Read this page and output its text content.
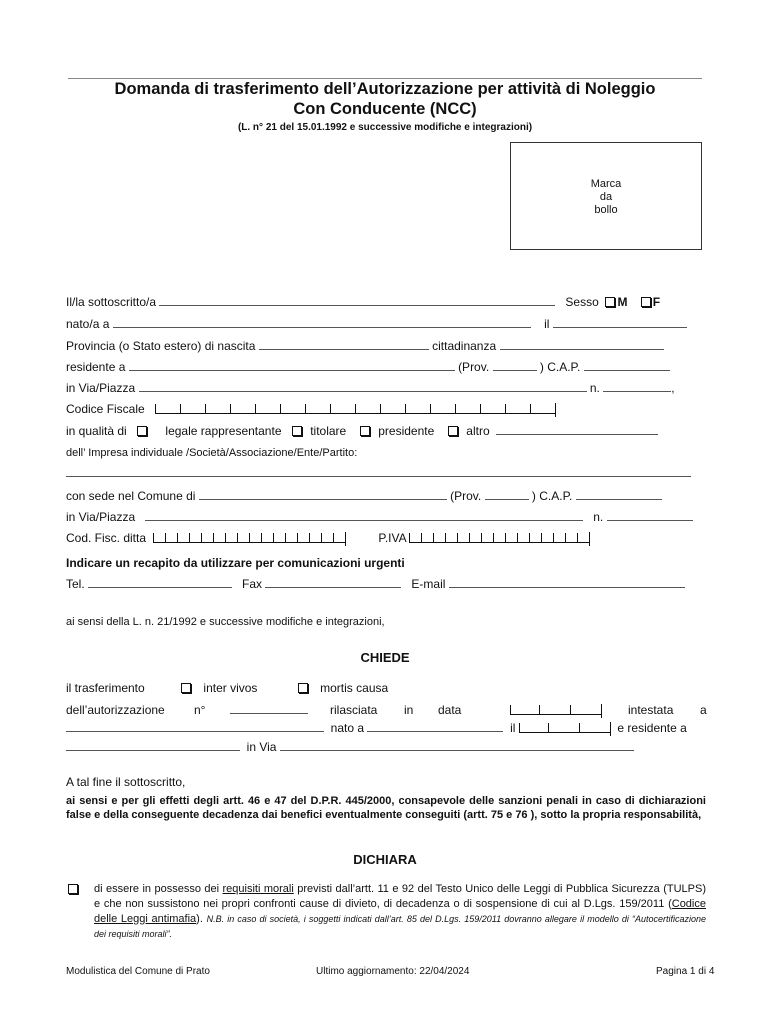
Domanda di trasferimento dell’Autorizzazione per attività di Noleggio
Con Conducente (NCC)
(L. n° 21 del 15.01.1992 e successive modifiche e integrazioni)
Marca
da
bollo
Il/la sottoscritto/a	Sesso M F
nato/a a	il
Provincia (o Stato estero) di nascita	cittadinanza
residente a	(Prov.	) C.A.P.
in Via/Piazza	n.	,
Codice Fiscale
in qualità di	legale rappresentante titolare	presidente	altro
dell’ Impresa individuale /Società/Associazione/Ente/Partito:
con sede nel Comune di	(Prov.	) C.A.P.
in Via/Piazza	n.
Cod. Fisc. ditta	P.IVA
Indicare un recapito da utilizzare per comunicazioni urgenti
Tel.	Fax	E-mail
ai sensi della L. n. 21/1992 e successive modifiche e integrazioni,
CHIEDE
il trasferimento	inter vivos	mortis causa
dell’autorizzazione n°	rilasciata in data	intestata a
nato a	il	e residente a
in Via
A tal fine il sottoscritto,
ai sensi e per gli effetti degli artt. 46 e 47 del D.P.R. 445/2000, consapevole delle sanzioni penali in caso di dichiarazioni false e della conseguente decadenza dai benefici eventualmente conseguiti (artt. 75 e 76 ), sotto la propria responsabilità,
DICHIARA
di essere in possesso dei requisiti morali previsti dall’artt. 11 e 92 del Testo Unico delle Leggi di Pubblica Sicurezza (TULPS) e che non sussistono nei propri confronti cause di divieto, di decadenza o di sospensione di cui al D.Lgs. 159/2011 (Codice delle Leggi antimafia). N.B. in caso di società, i soggetti indicati dall’art. 85 del D.Lgs. 159/2011 dovranno allegare il modello di “Autocertificazione dei requisiti morali”.
Modulistica del Comune di Prato	Ultimo aggiornamento: 22/04/2024	Pagina 1 di 4
